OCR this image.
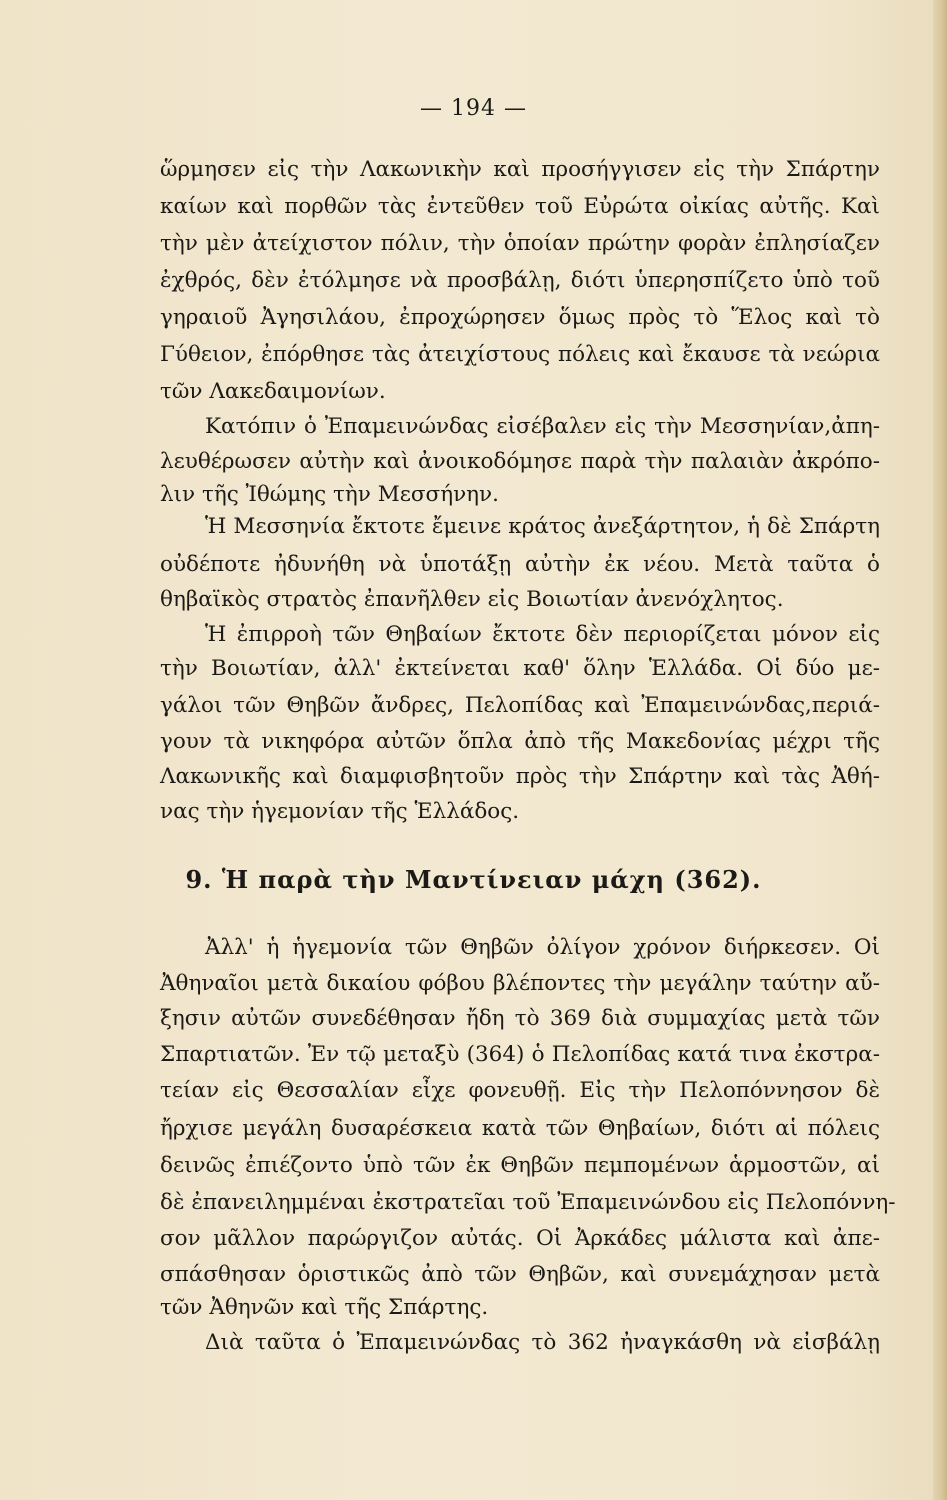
— 194 —
ὥρμησεν εἰς τὴν Λακωνικὴν καὶ προσήγγισεν εἰς τὴν Σπάρτην
καίων καὶ πορθῶν τὰς ἐντεῦθεν τοῦ Εὐρώτα οἰκίας αὐτῆς. Καὶ
τὴν μὲν ἀτείχιστον πόλιν, τὴν ὁποίαν πρώτην φορὰν ἐπλησίαζεν
ἐχθρός, δὲν ἐτόλμησε νὰ προσβάλῃ, διότι ὑπερησπίζετο ὑπὸ τοῦ
γηραιοῦ Ἀγησιλάου, ἐπροχώρησεν ὅμως πρὸς τὸ Ἕλος καὶ τὸ
Γύθειον, ἐπόρθησε τὰς ἀτειχίστους πόλεις καὶ ἔκαυσε τὰ νεώρια
τῶν Λακεδαιμονίων.
Κατόπιν ὁ Ἐπαμεινώνδας εἰσέβαλεν εἰς τὴν Μεσσηνίαν,ἀπη-
λευθέρωσεν αὐτὴν καὶ ἀνοικοδόμησε παρὰ τὴν παλαιὰν ἀκρόπο-
λιν τῆς Ἰθώμης τὴν Μεσσήνην.
Ἡ Μεσσηνία ἔκτοτε ἔμεινε κράτος ἀνεξάρτητον, ἡ δὲ Σπάρτη
οὐδέποτε ἠδυνήθη νὰ ὑποτάξῃ αὐτὴν ἐκ νέου. Μετὰ ταῦτα ὁ
θηβαϊκὸς στρατὸς ἐπανῆλθεν εἰς Βοιωτίαν ἀνενόχλητος.
Ἡ ἐπιρροὴ τῶν Θηβαίων ἔκτοτε δὲν περιορίζεται μόνον εἰς
τὴν Βοιωτίαν, ἀλλ' ἐκτείνεται καθ' ὅλην Ἑλλάδα. Οἱ δύο με-
γάλοι τῶν Θηβῶν ἄνδρες, Πελοπίδας καὶ Ἐπαμεινώνδας,περιά-
γουν τὰ νικηφόρα αὐτῶν ὅπλα ἀπὸ τῆς Μακεδονίας μέχρι τῆς
Λακωνικῆς καὶ διαμφισβητοῦν πρὸς τὴν Σπάρτην καὶ τὰς Ἀθή-
νας τὴν ἡγεμονίαν τῆς Ἑλλάδος.
9. Ἡ παρὰ τὴν Μαντίνειαν μάχη (362).
Ἀλλ' ἡ ἡγεμονία τῶν Θηβῶν ὀλίγον χρόνον διήρκεσεν. Οἱ
Ἀθηναῖοι μετὰ δικαίου φόβου βλέποντες τὴν μεγάλην ταύτην αὔ-
ξησιν αὐτῶν συνεδέθησαν ἤδη τὸ 369 διὰ συμμαχίας μετὰ τῶν
Σπαρτιατῶν. Ἐν τῷ μεταξὺ (364) ὁ Πελοπίδας κατά τινα ἐκστρα-
τείαν εἰς Θεσσαλίαν εἶχε φονευθῇ. Εἰς τὴν Πελοπόννησον δὲ
ἤρχισε μεγάλη δυσαρέσκεια κατὰ τῶν Θηβαίων, διότι αἱ πόλεις
δεινῶς ἐπιέζοντο ὑπὸ τῶν ἐκ Θηβῶν πεμπομένων ἁρμοστῶν, αἱ
δὲ ἐπανειλημμέναι ἐκστρατεῖαι τοῦ Ἐπαμεινώνδου εἰς Πελοπόννη-
σον μᾶλλον παρώργιζον αὐτάς. Οἱ Ἀρκάδες μάλιστα καὶ ἀπε-
σπάσθησαν ὁριστικῶς ἀπὸ τῶν Θηβῶν, καὶ συνεμάχησαν μετὰ
τῶν Ἀθηνῶν καὶ τῆς Σπάρτης.
Διὰ ταῦτα ὁ Ἐπαμεινώνδας τὸ 362 ἠναγκάσθη νὰ εἰσβάλῃ
